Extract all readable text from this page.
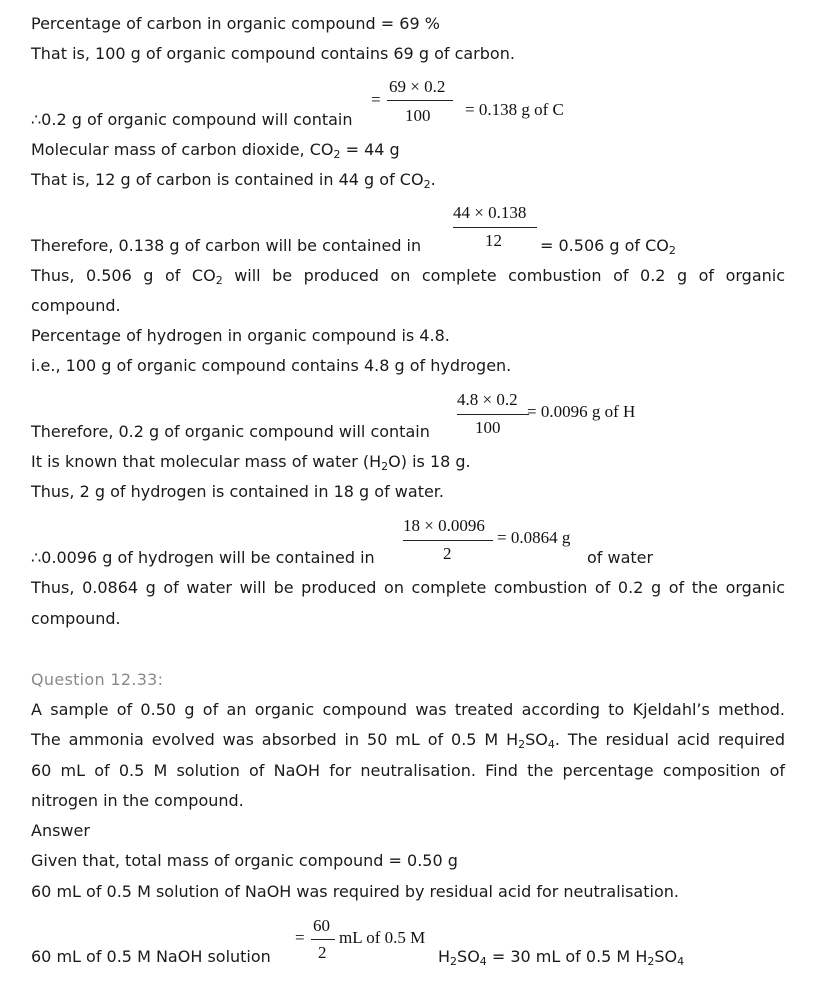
Percentage of carbon in organic compound = 69 %
That is, 100 g of organic compound contains 69 g of carbon.
=
69 × 0.2
100 = 0.138 g of C
∴0.2 g of organic compound will contain
Molecular mass of carbon dioxide, $CO_2 = 44$ g
That is, 12 g of carbon is contained in 44 g of $CO_2$.
44 × 0.138
12
Therefore, 0.138 g of carbon will be contained in	= 0.506 g of $CO_2$
Thus, 0.506 g of $CO_2$ will be produced on complete combustion of 0.2 g of organic
compound.
Percentage of hydrogen in organic compound is 4.8.
i.e., 100 g of organic compound contains 4.8 g of hydrogen.
4.8 × 0.2
100
= 0.0096 g of H
Therefore, 0.2 g of organic compound will contain
It is known that molecular mass of water $(H_2O)$ is 18 g.
Thus, 2 g of hydrogen is contained in 18 g of water.
18 × 0.0096
2
= 0.0864 g
∴0.0096 g of hydrogen will be contained in	of water
Thus, 0.0864 g of water will be produced on complete combustion of 0.2 g of the organic
compound.
Question 12.33:
A sample of 0.50 g of an organic compound was treated according to Kjeldahl’s method.
The ammonia evolved was absorbed in 50 mL of 0.5 M $H_2SO_4$. The residual acid required
60 mL of 0.5 M solution of NaOH for neutralisation. Find the percentage composition of
nitrogen in the compound.
Answer
Given that, total mass of organic compound = 0.50 g
60 mL of 0.5 M solution of NaOH was required by residual acid for neutralisation.
=
60
2
mL of 0.5 M
60 mL of 0.5 M NaOH solution	$H_2SO_4 = 30$ mL of 0.5 M $H_2SO_4$
